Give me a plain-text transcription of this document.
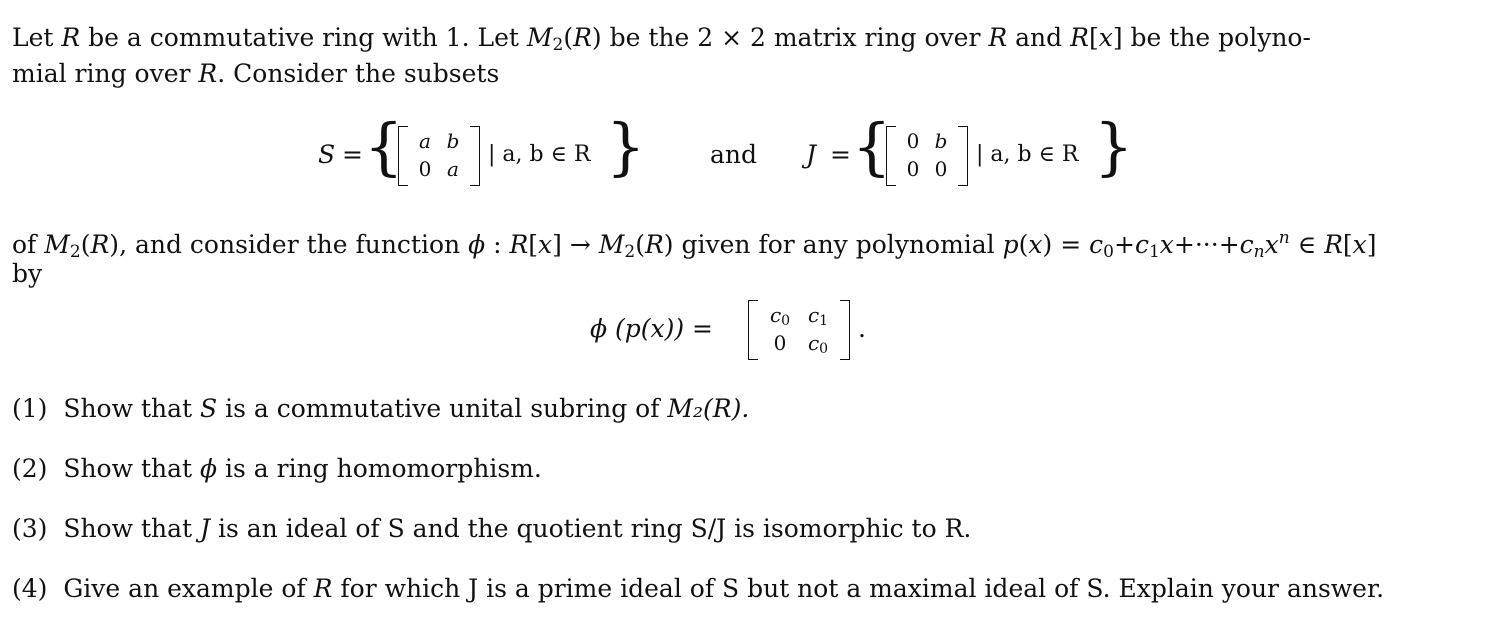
Let R be a commutative ring with 1. Let $M_2(R)$ be the 2 × 2 matrix ring over R and R[x] be the polyno-
mial ring over R. Consider the subsets
S = { a b
0 a
| a, b ∈ R }	and J = { 0 b
0 0
| a, b ∈ R }
of $M_2(R)$, and consider the function ϕ : $R[x] \to M_2(R)$ given for any polynomial $p(x) = c_0+c_1x+\cdot\cdot\cdot+c_nx^n$ ∈ R[x]
by
ϕ (p(x)) =	c0 c1
0	c0
.
(1) Show that S is a commutative unital subring of M₂(R).
(2) Show that ϕ is a ring homomorphism.
(3) Show that J is an ideal of S and the quotient ring S/J is isomorphic to R.
(4) Give an example of R for which J is a prime ideal of S but not a maximal ideal of S. Explain your answer.
